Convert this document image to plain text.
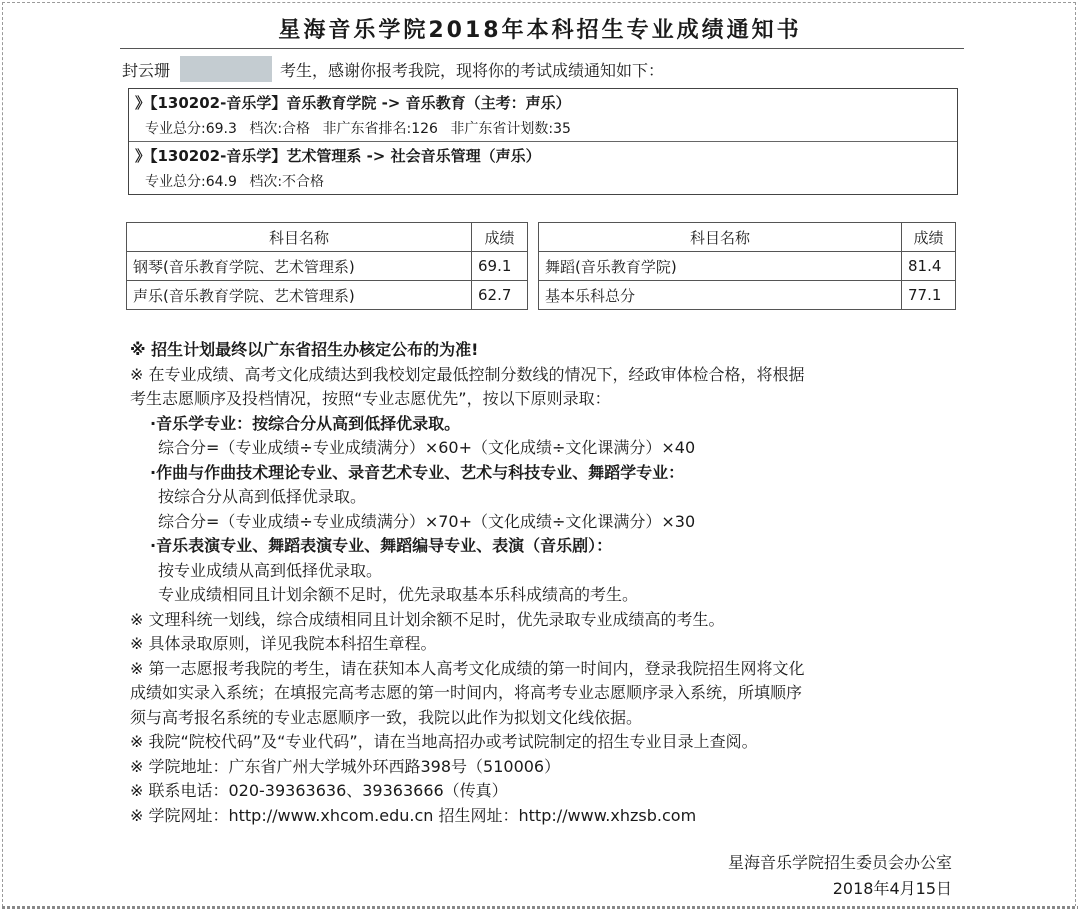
星海音乐学院2018年本科招生专业成绩通知书
封云珊	考生，感谢你报考我院，现将你的考试成绩通知如下：
》【130202-音乐学】音乐教育学院 -> 音乐教育（主考：声乐）
专业总分:69.3 档次:合格 非广东省排名:126 非广东省计划数:35
》【130202-音乐学】艺术管理系 -> 社会音乐管理（声乐）
专业总分:64.9 档次:不合格
科目名称	成绩
钢琴(音乐教育学院、艺术管理系)	69.1
声乐(音乐教育学院、艺术管理系)	62.7
科目名称	成绩
舞蹈(音乐教育学院)	81.4
基本乐科总分	77.1
※ 招生计划最终以广东省招生办核定公布的为准!
※ 在专业成绩、高考文化成绩达到我校划定最低控制分数线的情况下，经政审体检合格，将根据
考生志愿顺序及投档情况，按照“专业志愿优先”，按以下原则录取：
·音乐学专业：按综合分从高到低择优录取。
综合分=（专业成绩÷专业成绩满分）×60+（文化成绩÷文化课满分）×40
·作曲与作曲技术理论专业、录音艺术专业、艺术与科技专业、舞蹈学专业：
按综合分从高到低择优录取。
综合分=（专业成绩÷专业成绩满分）×70+（文化成绩÷文化课满分）×30
·音乐表演专业、舞蹈表演专业、舞蹈编导专业、表演（音乐剧）：
按专业成绩从高到低择优录取。
专业成绩相同且计划余额不足时，优先录取基本乐科成绩高的考生。
※ 文理科统一划线，综合成绩相同且计划余额不足时，优先录取专业成绩高的考生。
※ 具体录取原则，详见我院本科招生章程。
※ 第一志愿报考我院的考生，请在获知本人高考文化成绩的第一时间内，登录我院招生网将文化
成绩如实录入系统；在填报完高考志愿的第一时间内，将高考专业志愿顺序录入系统，所填顺序
须与高考报名系统的专业志愿顺序一致，我院以此作为拟划文化线依据。
※ 我院“院校代码”及“专业代码”，请在当地高招办或考试院制定的招生专业目录上查阅。
※ 学院地址：广东省广州大学城外环西路398号（510006）
※ 联系电话：020-39363636、39363666（传真）
※ 学院网址：http://www.xhcom.edu.cn 招生网址：http://www.xhzsb.com
星海音乐学院招生委员会办公室
2018年4月15日
